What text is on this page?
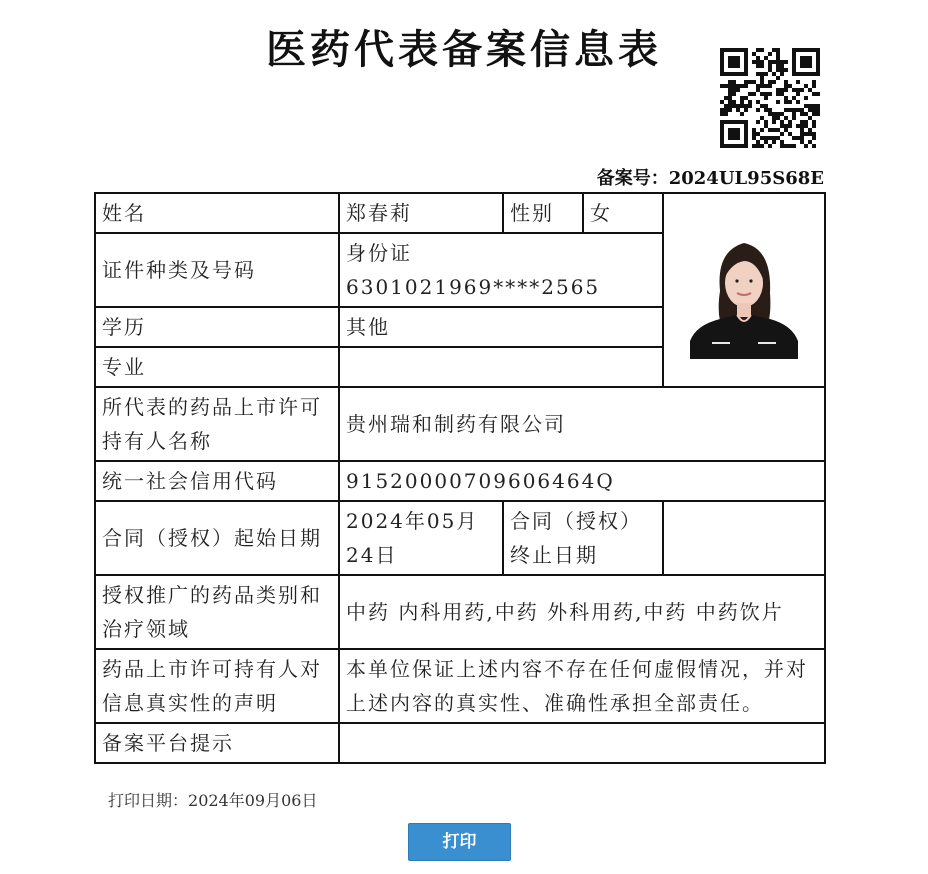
医药代表备案信息表
备案号：2024UL95S68E
姓名	郑春莉	性别	女	

证件种类及号码	身份证 6301021969****2565			
学历	其他			
专业				
所代表的药品上市许可持有人名称	贵州瑞和制药有限公司			
统一社会信用代码	91520000709606464Q			
合同（授权）起始日期	2024年05月24日	合同（授权）终止日期		
授权推广的药品类别和治疗领域	中药 内科用药,中药 外科用药,中药 中药饮片			
药品上市许可持有人对信息真实性的声明	本单位保证上述内容不存在任何虚假情况，并对上述内容的真实性、准确性承担全部责任。			
备案平台提示				
打印日期：2024年09月06日
打印
